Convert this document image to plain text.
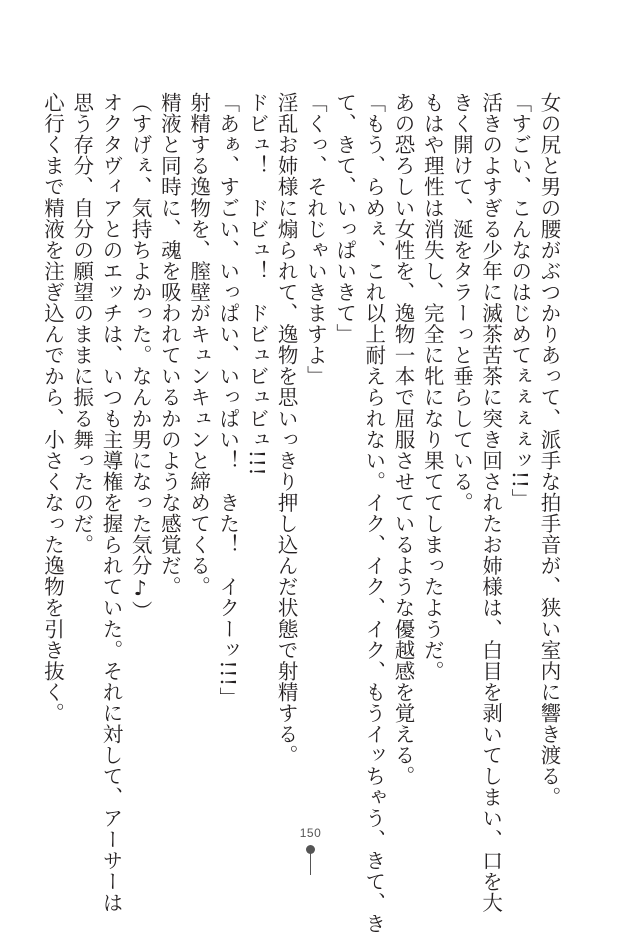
女の尻と男の腰がぶつかりあって、派手な拍手音が、狭い室内に響き渡る。
「すごい、こんなのはじめてぇぇぇぇッ!!」
活きのよすぎる少年に滅茶苦茶に突き回されたお姉様は、白目を剥いてしまい、口を大
きく開けて、涎をタラーっと垂らしている。
もはや理性は消失し、完全に牝になり果ててしまったようだ。
あの恐ろしい女性を、逸物一本で屈服させているような優越感を覚える。
「もう、らめぇ、これ以上耐えられない。イク、イク、イク、もうイッちゃう、きて、き
て、きて、いっぱいきて」
「くっ、それじゃいきますよ」
淫乱お姉様に煽られて、逸物を思いっきり押し込んだ状態で射精する。
ドビュ！　ドビュ！　ドビュビュビュ!!!
「あぁ、すごい、いっぱい、いっぱい！　きた！　イクーッ!!!」
射精する逸物を、膣壁がキュンキュンと締めてくる。
精液と同時に、魂を吸われているかのような感覚だ。
（すげぇ、気持ちよかった。なんか男になった気分♪）
オクタヴィアとのエッチは、いつも主導権を握られていた。それに対して、アーサーは
思う存分、自分の願望のままに振る舞ったのだ。
心行くまで精液を注ぎ込んでから、小さくなった逸物を引き抜く。
150
